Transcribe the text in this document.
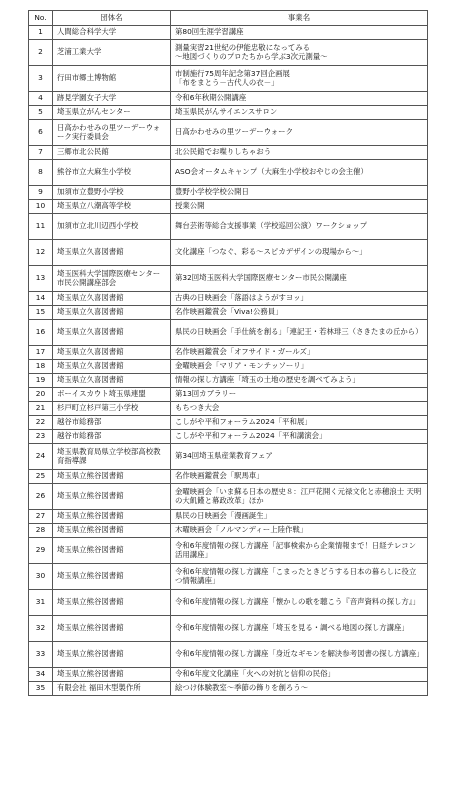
No.	団体名	事業名
1	人間総合科学大学	第80回生涯学習講座
2	芝浦工業大学	測量実習21世紀の伊能忠敬になってみる
～地図づくりのプロたちから学ぶ3次元測量～
3	行田市郷土博物館	市制施行75周年記念第37回企画展
「布をまとう－古代人の衣－」
4	跡見学園女子大学	令和6年秋期公開講座
5	埼玉県立がんセンター	埼玉県民がんサイエンスサロン
6	日高かわせみの里ツーデーウォーク実行委員会	日高かわせみの里ツーデーウォーク
7	三郷市北公民館	北公民館でお喋りしちゃおう
8	熊谷市立大麻生小学校	ASO会オータムキャンプ（大麻生小学校おやじの会主催）
9	加須市立豊野小学校	豊野小学校学校公開日
10	埼玉県立八潮高等学校	授業公開
11	加須市立北川辺西小学校	舞台芸術等総合支援事業（学校巡回公演）ワークショップ
12	埼玉県立久喜図書館	文化講座「つなぐ、彩る～スピカデザインの現場から～」
13	埼玉医科大学国際医療センター市民公開講座部会	第32回埼玉医科大学国際医療センター市民公開講座
14	埼玉県立久喜図書館	古典の日映画会「落語はようがすヨッ」
15	埼玉県立久喜図書館	名作映画鑑賞会「Viva!公務員」
16	埼玉県立久喜図書館	県民の日映画会「手仕統を創る」「連記王・若林琲三（さきたまの丘から）
17	埼玉県立久喜図書館	名作映画鑑賞会「オフサイド・ガールズ」
18	埼玉県立久喜図書館	金曜映画会「マリア・モンテッソーリ」
19	埼玉県立久喜図書館	情報の探し方講座「埼玉の土地の歴史を調べてみよう」
20	ボーイスカウト埼玉県連盟	第13回カブラリー
21	杉戸町立杉戸第三小学校	もちつき大会
22	越谷市総務部	こしがや平和フォーラム2024「平和展」
23	越谷市総務部	こしがや平和フォーラム2024「平和講演会」
24	埼玉県教育局県立学校部高校教育指導課	第34回埼玉県産業教育フェア
25	埼玉県立熊谷図書館	名作映画鑑賞会「駅馬車」
26	埼玉県立熊谷図書館	金曜映画会「いま蘇る日本の歴史８：江戸花開く元禄文化と赤穂浪士 天明の大飢饉と幕政改革」ほか
27	埼玉県立熊谷図書館	県民の日映画会「漫画誕生」
28	埼玉県立熊谷図書館	木曜映画会「ノルマンディー上陸作戦」
29	埼玉県立熊谷図書館	令和6年度情報の探し方講座「記事検索から企業情報まで！日経テレコン活用講座」
30	埼玉県立熊谷図書館	令和6年度情報の探し方講座「こまったときどうする日本の暮らしに役立つ情報講座」
31	埼玉県立熊谷図書館	令和6年度情報の探し方講座「懐かしの歌を聴こう『音声資料の探し方』」
32	埼玉県立熊谷図書館	令和6年度情報の探し方講座「埼玉を見る・調べる地図の探し方講座」
33	埼玉県立熊谷図書館	令和6年度情報の探し方講座「身近なギモンを解決参考図書の探し方講座」
34	埼玉県立熊谷図書館	令和6年度文化講座「火への対抗と信仰の民俗」
35	有限会社 福田木型製作所	絵つけ体験教室～季節の飾りを創ろう～
